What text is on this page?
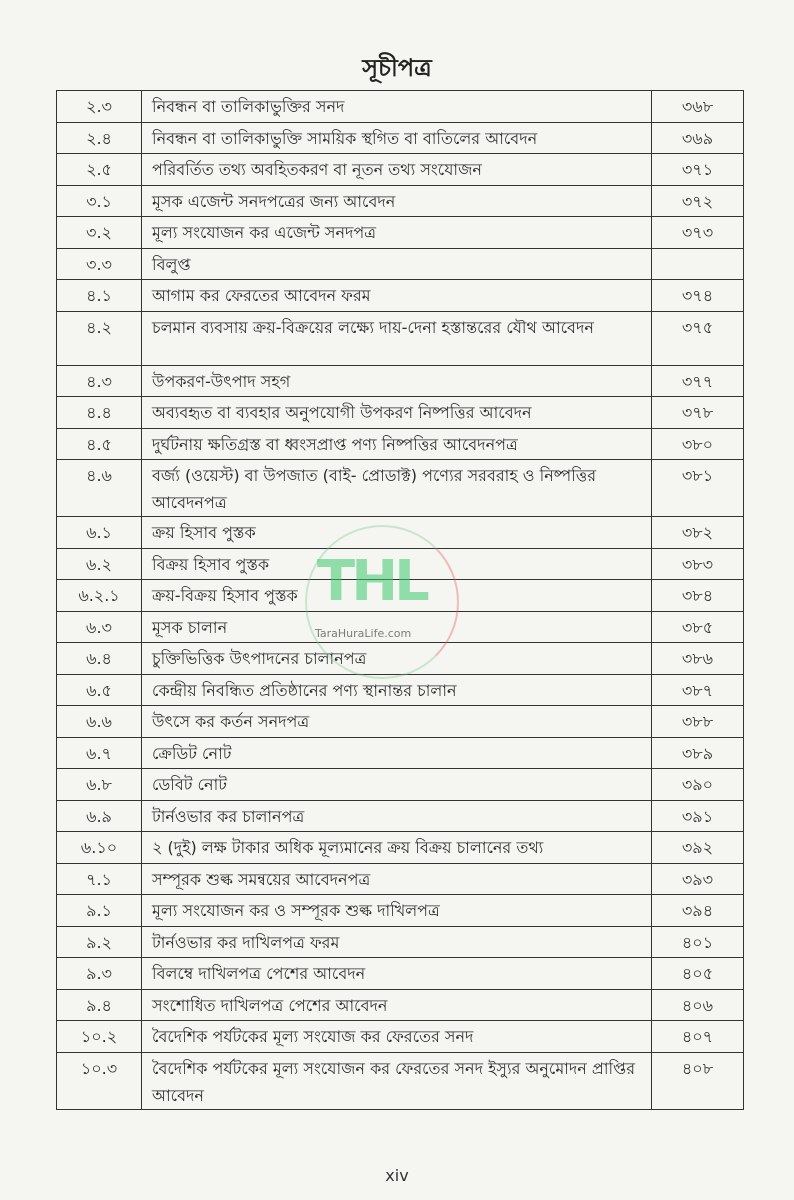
সূচীপত্র
২.৩	নিবন্ধন বা তালিকাভুক্তির সনদ	৩৬৮
২.৪	নিবন্ধন বা তালিকাভুক্তি সাময়িক স্থগিত বা বাতিলের আবেদন	৩৬৯
২.৫	পরিবর্তিত তথ্য অবহিতকরণ বা নূতন তথ্য সংযোজন	৩৭১
৩.১	মূসক এজেন্ট সনদপত্রের জন্য আবেদন	৩৭২
৩.২	মূল্য সংযোজন কর এজেন্ট সনদপত্র	৩৭৩
৩.৩	বিলুপ্ত	
৪.১	আগাম কর ফেরতের আবেদন ফরম	৩৭৪
৪.২	চলমান ব্যবসায় ক্রয়-বিক্রয়ের লক্ষ্যে দায়-দেনা হস্তান্তরের যৌথ আবেদন	৩৭৫
৪.৩	উপকরণ-উৎপাদ সহগ	৩৭৭
৪.৪	অব্যবহৃত বা ব্যবহার অনুপযোগী উপকরণ নিষ্পত্তির আবেদন	৩৭৮
৪.৫	দুর্ঘটনায় ক্ষতিগ্রস্ত বা ধ্বংসপ্রাপ্ত পণ্য নিষ্পত্তির আবেদনপত্র	৩৮০
৪.৬	বর্জ্য (ওয়েস্ট) বা উপজাত (বাই- প্রোডাক্ট) পণ্যের সরবরাহ ও নিষ্পত্তির আবেদনপত্র	৩৮১
৬.১	ক্রয় হিসাব পুস্তক	৩৮২
৬.২	বিক্রয় হিসাব পুস্তক	৩৮৩
৬.২.১	ক্রয়-বিক্রয় হিসাব পুস্তক	৩৮৪
৬.৩	মূসক চালান	৩৮৫
৬.৪	চুক্তিভিত্তিক উৎপাদনের চালানপত্র	৩৮৬
৬.৫	কেন্দ্রীয় নিবন্ধিত প্রতিষ্ঠানের পণ্য স্থানান্তর চালান	৩৮৭
৬.৬	উৎসে কর কর্তন সনদপত্র	৩৮৮
৬.৭	ক্রেডিট নোট	৩৮৯
৬.৮	ডেবিট নোট	৩৯০
৬.৯	টার্নওভার কর চালানপত্র	৩৯১
৬.১০	২ (দুই) লক্ষ টাকার অধিক মূল্যমানের ক্রয় বিক্রয় চালানের তথ্য	৩৯২
৭.১	সম্পূরক শুল্ক সমন্বয়ের আবেদনপত্র	৩৯৩
৯.১	মূল্য সংযোজন কর ও সম্পূরক শুল্ক দাখিলপত্র	৩৯৪
৯.২	টার্নওভার কর দাখিলপত্র ফরম	৪০১
৯.৩	বিলম্বে দাখিলপত্র পেশের আবেদন	৪০৫
৯.৪	সংশোধিত দাখিলপত্র পেশের আবেদন	৪০৬
১০.২	বৈদেশিক পর্যটকের মূল্য সংযোজ কর ফেরতের সনদ	৪০৭
১০.৩	বৈদেশিক পর্যটকের মূল্য সংযোজন কর ফেরতের সনদ ইস্যুর অনুমোদন প্রাপ্তির আবেদন	৪০৮
THL
TaraHuraLife.com
xiv
